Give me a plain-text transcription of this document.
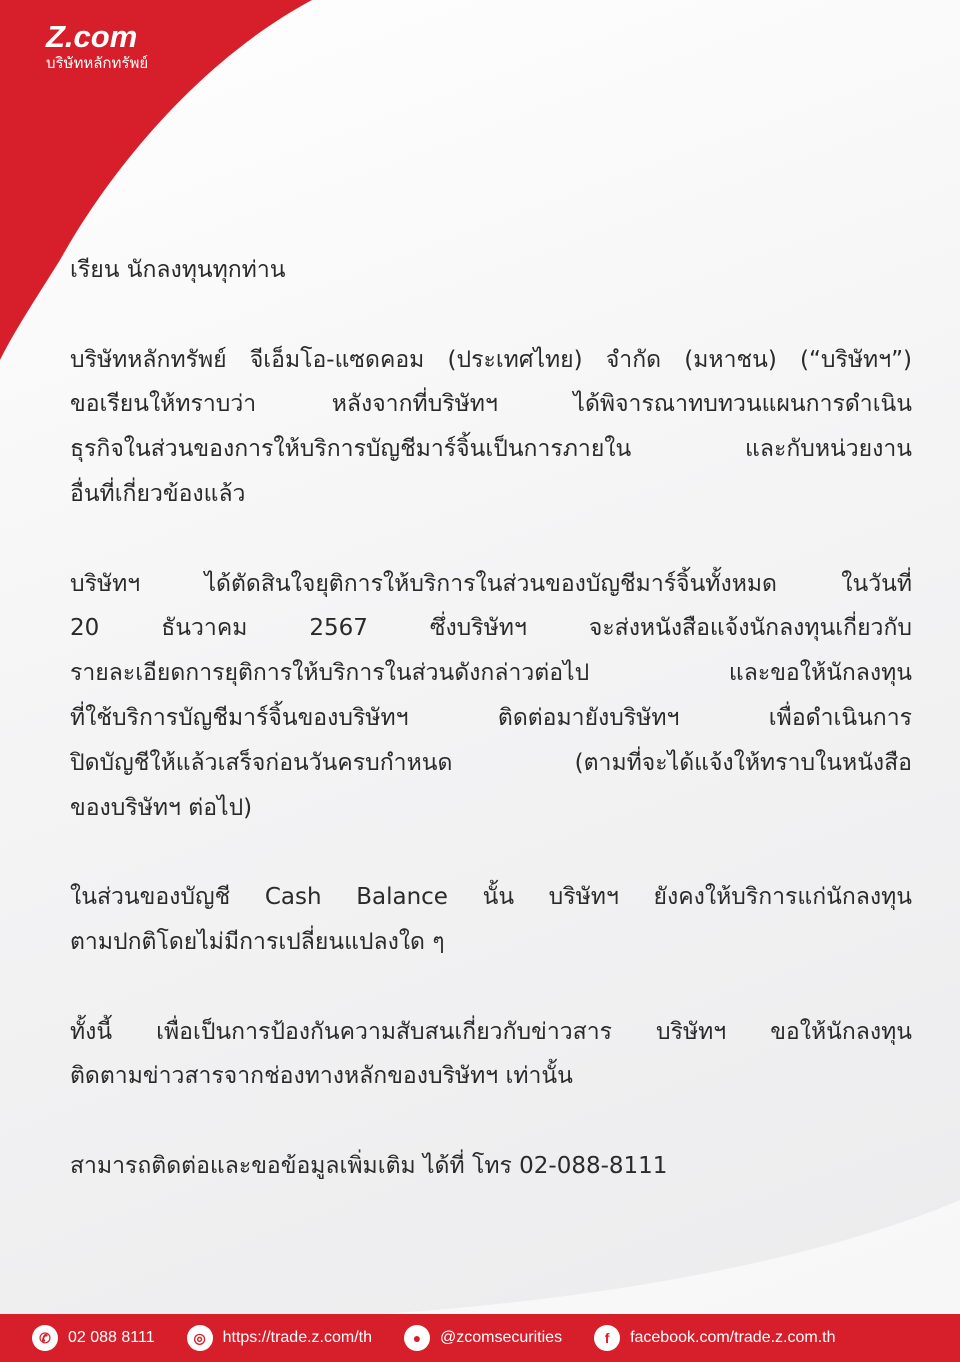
Z.com
บริษัทหลักทรัพย์
เรียน นักลงทุนทุกท่าน
บริษัทหลักทรัพย์ จีเอ็มโอ-แซดคอม (ประเทศไทย) จำกัด (มหาชน) (“บริษัทฯ”)
ขอเรียนให้ทราบว่า หลังจากที่บริษัทฯ ได้พิจารณาทบทวนแผนการดำเนิน
ธุรกิจในส่วนของการให้บริการบัญชีมาร์จิ้นเป็นการภายใน และกับหน่วยงาน
อื่นที่เกี่ยวข้องแล้ว
บริษัทฯ ได้ตัดสินใจยุติการให้บริการในส่วนของบัญชีมาร์จิ้นทั้งหมด ในวันที่
20 ธันวาคม 2567 ซึ่งบริษัทฯ จะส่งหนังสือแจ้งนักลงทุนเกี่ยวกับ
รายละเอียดการยุติการให้บริการในส่วนดังกล่าวต่อไป และขอให้นักลงทุน
ที่ใช้บริการบัญชีมาร์จิ้นของบริษัทฯ ติดต่อมายังบริษัทฯ เพื่อดำเนินการ
ปิดบัญชีให้แล้วเสร็จก่อนวันครบกำหนด (ตามที่จะได้แจ้งให้ทราบในหนังสือ
ของบริษัทฯ ต่อไป)
ในส่วนของบัญชี Cash Balance นั้น บริษัทฯ ยังคงให้บริการแก่นักลงทุน
ตามปกติโดยไม่มีการเปลี่ยนแปลงใด ๆ
ทั้งนี้ เพื่อเป็นการป้องกันความสับสนเกี่ยวกับข่าวสาร บริษัทฯ ขอให้นักลงทุน
ติดตามข่าวสารจากช่องทางหลักของบริษัทฯ เท่านั้น
สามารถติดต่อและขอข้อมูลเพิ่มเติม ได้ที่ โทร 02-088-8111
✆	02 088 8111	◎	https://trade.z.com/th	●	@zcomsecurities	f	facebook.com/trade.z.com.th
